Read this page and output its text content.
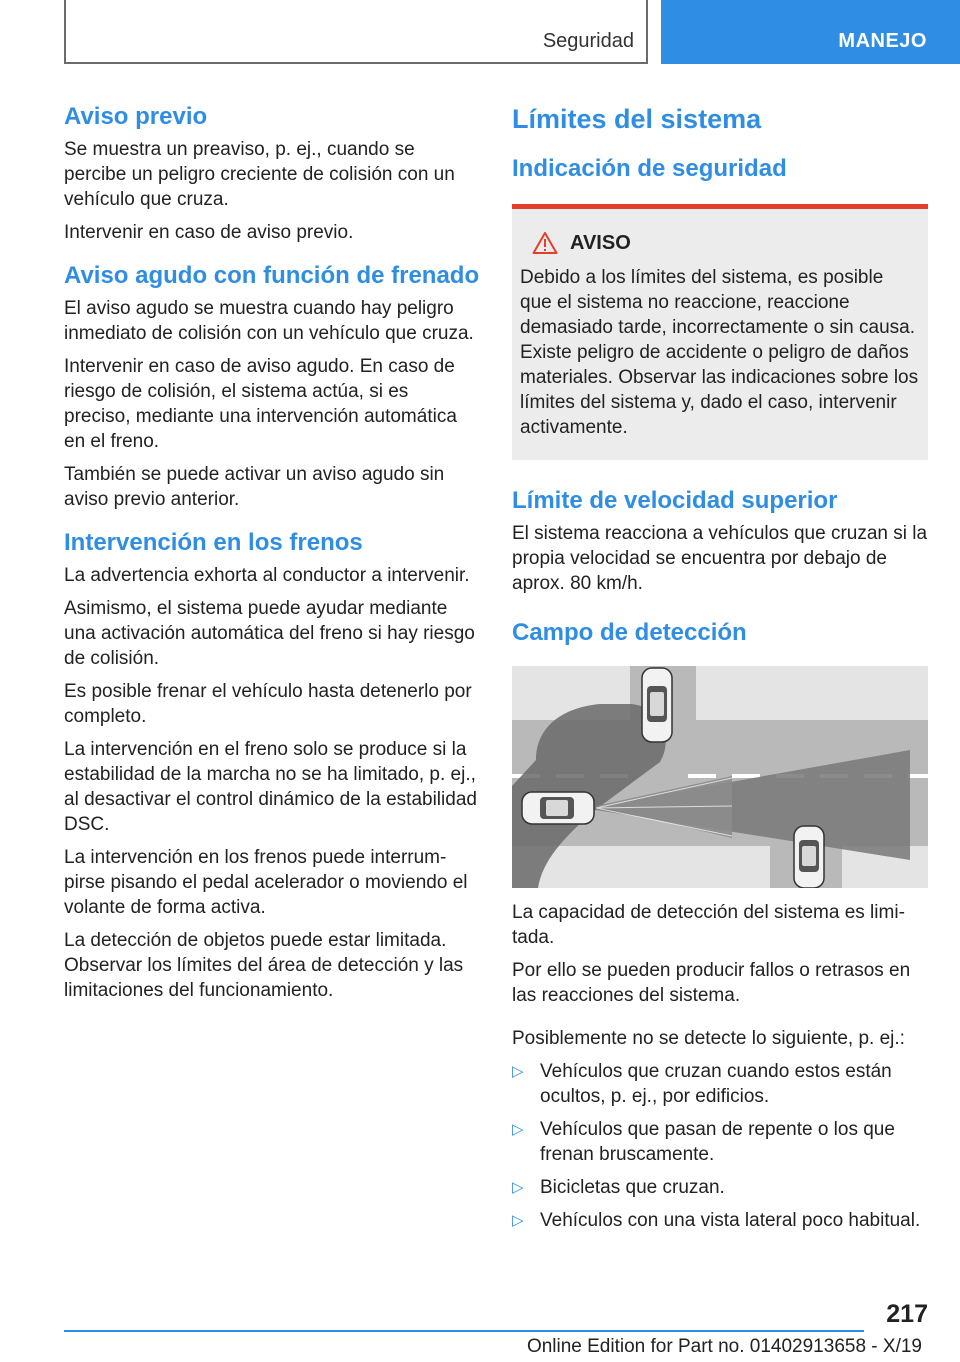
Seguridad	MANEJO
Aviso previo

Se muestra un preaviso, p. ej., cuando se percibe un peligro creciente de colisión con un vehículo que cruza.

Intervenir en caso de aviso previo.

Aviso agudo con función de frenado

El aviso agudo se muestra cuando hay peligro inmediato de colisión con un vehículo que cruza.

Intervenir en caso de aviso agudo. En caso de riesgo de colisión, el sistema actúa, si es preciso, mediante una intervención automática en el freno.

También se puede activar un aviso agudo sin aviso previo anterior.

Intervención en los frenos

La advertencia exhorta al conductor a intervenir.

Asimismo, el sistema puede ayudar mediante una activación automática del freno si hay riesgo de colisión.

Es posible frenar el vehículo hasta detenerlo por completo.

La intervención en el freno solo se produce si la estabilidad de la marcha no se ha limitado, p. ej., al desactivar el control dinámico de la estabilidad DSC.

La intervención en los frenos puede interrumpirse pisando el pedal acelerador o moviendo el volante de forma activa.

La detección de objetos puede estar limitada. Observar los límites del área de detección y las limitaciones del funcionamiento.

Límites del sistema
Indicación de seguridad
AVISO

Debido a los límites del sistema, es posible que el sistema no reaccione, reaccione demasiado tarde, incorrectamente o sin causa. Existe peligro de accidente o peligro de daños materiales. Observar las indicaciones sobre los límites del sistema y, dado el caso, intervenir activamente.

Límite de velocidad superior

El sistema reacciona a vehículos que cruzan si la propia velocidad se encuentra por debajo de aprox. 80 km/h.

Campo de detección

La capacidad de detección del sistema es limitada.

Por ello se pueden producir fallos o retrasos en las reacciones del sistema.

Posiblemente no se detecte lo siguiente, p. ej.:

▷ Vehículos que cruzan cuando estos están ocultos, p. ej., por edificios.
▷ Vehículos que pasan de repente o los que frenan bruscamente.
▷ Bicicletas que cruzan.
▷ Vehículos con una vista lateral poco habitual.
217
Online Edition for Part no. 01402913658 - X/19
